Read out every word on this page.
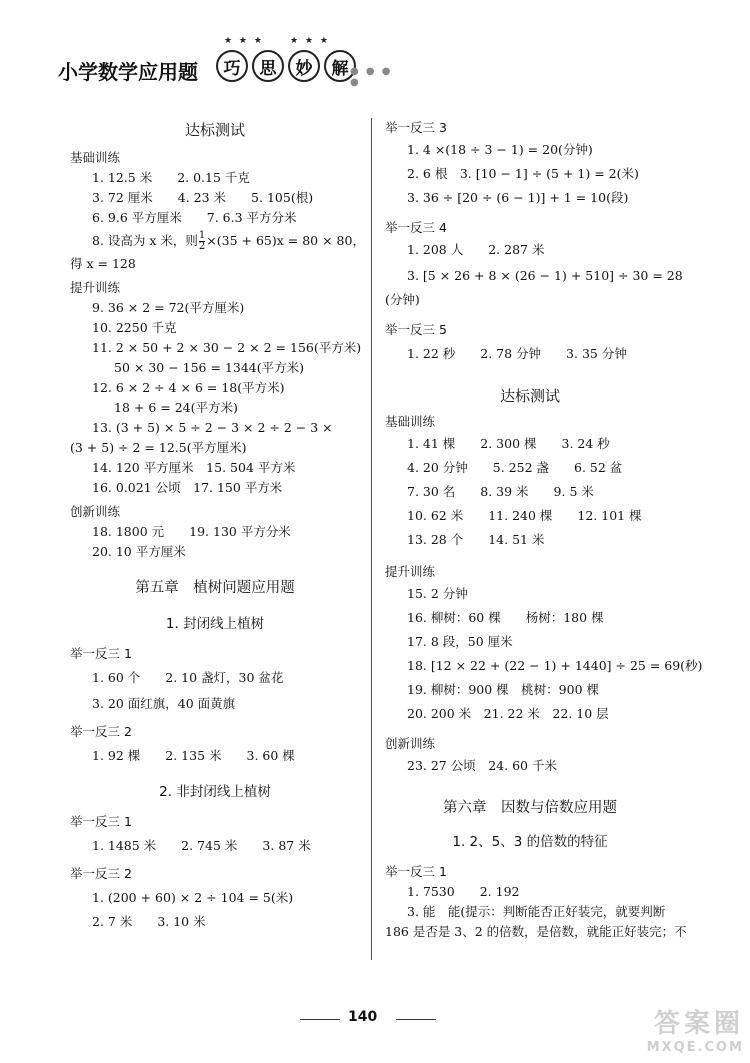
★ ★ ★	★ ★ ★
小学数学应用题	巧	思	妙	解 ● ● ● ●
达标测试
基础训练
1. 12.5 米　　2. 0.15 千克
3. 72 厘米　　4. 23 米　　5. 105(根)
6. 9.6 平方厘米　　7. 6.3 平方分米
8. 设高为 x 米，则 $\frac{1}{2} \times(35 + 65)x = 80 \times 80$，
得 x = 128
提升训练
9. 36 × 2 = 72(平方厘米)
10. 2250 千克
11. 2 × 50 + 2 × 30 − 2 × 2 = 156(平方米)
50 × 30 − 156 = 1344(平方米)
12. 6 × 2 ÷ 4 × 6 = 18(平方米)
18 + 6 = 24(平方米)
13. (3 + 5) × 5 ÷ 2 − 3 × 2 ÷ 2 − 3 ×
(3 + 5) ÷ 2 = 12.5(平方厘米)
14. 120 平方厘米　15. 504 平方米
16. 0.021 公顷　17. 150 平方米
创新训练
18. 1800 元　　19. 130 平方分米
20. 10 平方厘米
第五章　植树问题应用题
1. 封闭线上植树
举一反三 1
1. 60 个　　2. 10 盏灯，30 盆花
3. 20 面红旗，40 面黄旗
举一反三 2
1. 92 棵　　2. 135 米　　3. 60 棵
2. 非封闭线上植树
举一反三 1
1. 1485 米　　2. 745 米　　3. 87 米
举一反三 2
1. (200 + 60) × 2 ÷ 104 = 5(米)
2. 7 米　　3. 10 米
举一反三 3
1. 4 ×(18 ÷ 3 − 1) = 20(分钟)
2. 6 根　3. [10 − 1] ÷ (5 + 1) = 2(米)
3. 36 ÷ [20 ÷ (6 − 1)] + 1 = 10(段)
举一反三 4
1. 208 人　　2. 287 米
3. [5 × 26 + 8 × (26 − 1) + 510] ÷ 30 = 28
(分钟)
举一反三 5
1. 22 秒　　2. 78 分钟　　3. 35 分钟
达标测试
基础训练
1. 41 棵　　2. 300 棵　　3. 24 秒
4. 20 分钟　　5. 252 盏　　6. 52 盆
7. 30 名　　8. 39 米　　9. 5 米
10. 62 米　　11. 240 棵　　12. 101 棵
13. 28 个　　14. 51 米
提升训练
15. 2 分钟
16. 柳树：60 棵　　杨树：180 棵
17. 8 段，50 厘米
18. [12 × 22 + (22 − 1) + 1440] ÷ 25 = 69(秒)
19. 柳树：900 棵　桃树：900 棵
20. 200 米　21. 22 米　22. 10 层
创新训练
23. 27 公顷　24. 60 千米
第六章　因数与倍数应用题
1. 2、5、3 的倍数的特征
举一反三 1
1. 7530　　2. 192
3. 能　能(提示：判断能否正好装完，就要判断
186 是否是 3、2 的倍数，是倍数，就能正好装完；不
140	答案圈
MXQE.COM
